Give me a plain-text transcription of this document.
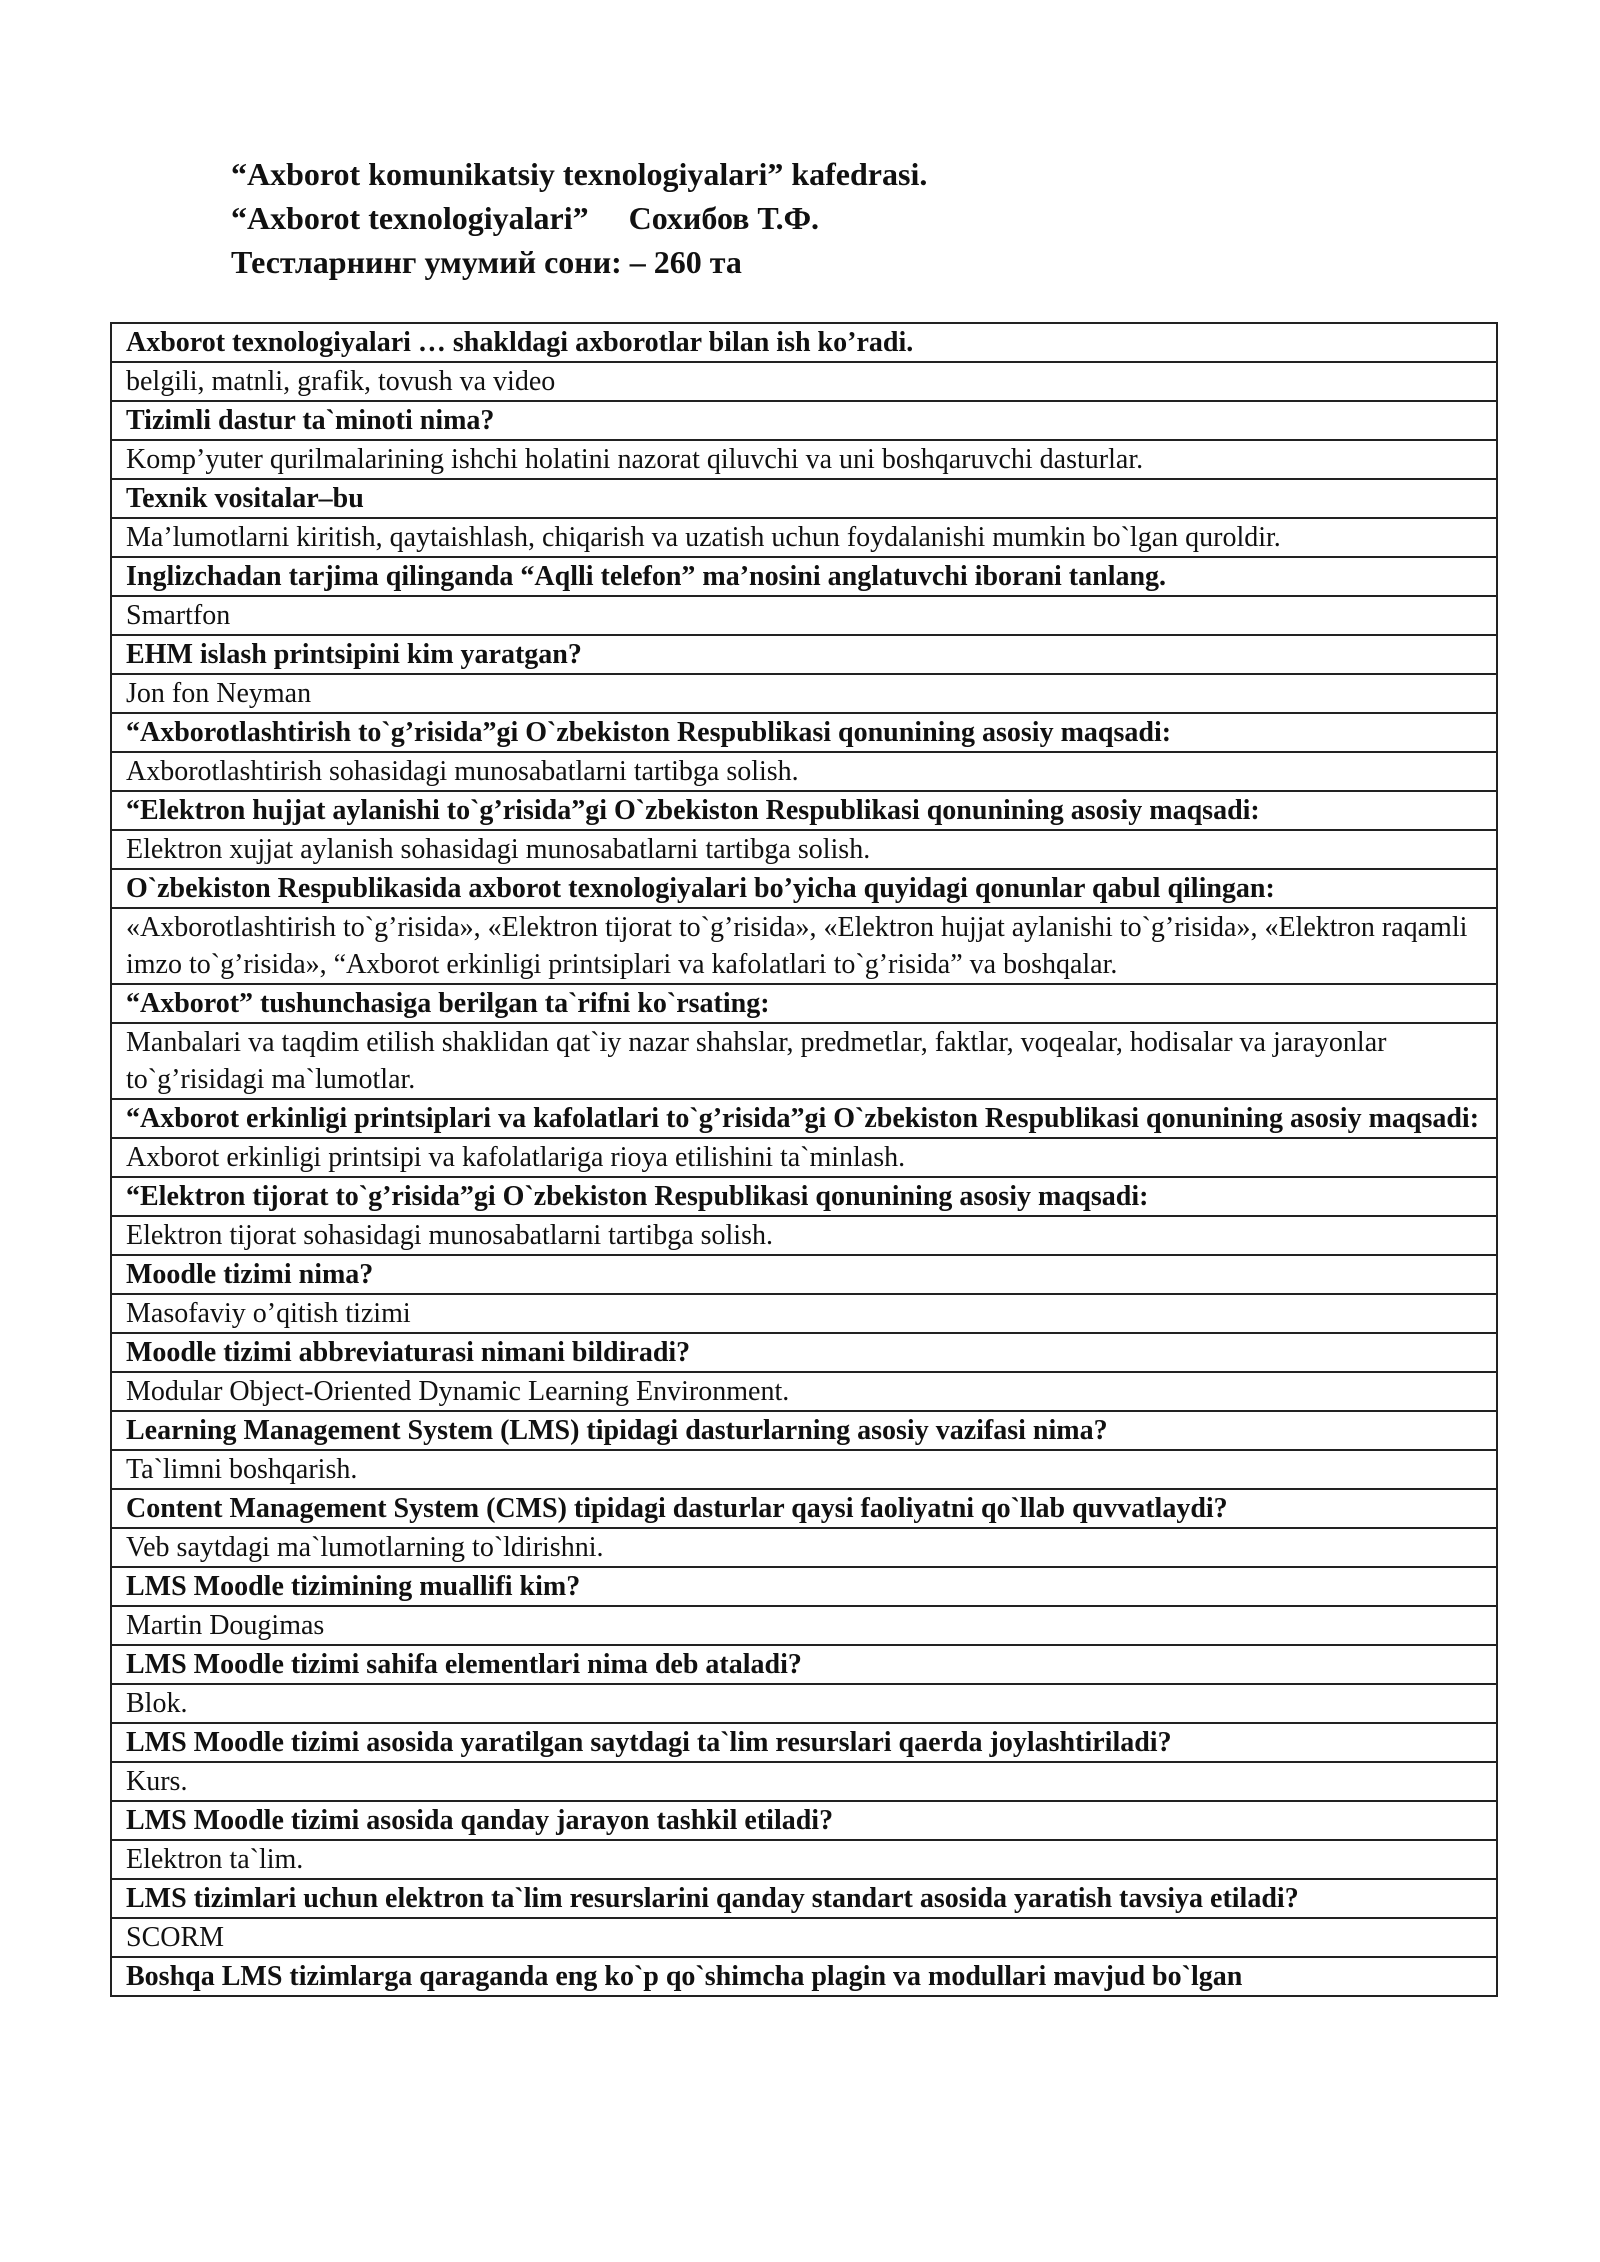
“Axborot komunikatsiy texnologiyalari” kafedrasi.
“Axborot texnologiyalari”     Сохибов Т.Ф.
Тестларнинг умумий сони: – 260 та
Axborot texnologiyalari … shakldagi axborotlar bilan ish ko’radi.
belgili, matnli, grafik, tovush va video
Tizimli dastur ta`minoti nima?
Komp’yuter qurilmalarining ishchi holatini nazorat qiluvchi va uni boshqaruvchi dasturlar.
Texnik vositalar–bu
Ma’lumotlarni kiritish, qaytaishlash, chiqarish va uzatish uchun foydalanishi mumkin bo`lgan quroldir.
Inglizchadan tarjima qilinganda “Aqlli telefon” ma’nosini anglatuvchi iborani tanlang.
Smartfon
EHM islash printsipini kim yaratgan?
Jon fon Neyman
“Axborotlashtirish to`g’risida”gi O`zbekiston Respublikasi qonunining asosiy maqsadi:
Axborotlashtirish sohasidagi munosabatlarni tartibga solish.
“Elektron hujjat aylanishi to`g’risida”gi O`zbekiston Respublikasi qonunining asosiy maqsadi:
Elektron xujjat aylanish sohasidagi munosabatlarni tartibga solish.
O`zbekiston Respublikasida axborot texnologiyalari bo’yicha quyidagi qonunlar qabul qilingan:
«Axborotlashtirish to`g’risida», «Elektron tijorat to`g’risida», «Elektron hujjat aylanishi to`g’risida», «Elektron raqamli imzo to`g’risida», “Axborot erkinligi printsiplari va kafolatlari to`g’risida” va boshqalar.
“Axborot” tushunchasiga berilgan ta`rifni ko`rsating:
Manbalari va taqdim etilish shaklidan qat`iy nazar shahslar, predmetlar, faktlar, voqealar, hodisalar va jarayonlar to`g’risidagi ma`lumotlar.
“Axborot erkinligi printsiplari va kafolatlari to`g’risida”gi O`zbekiston Respublikasi qonunining asosiy maqsadi:
Axborot erkinligi printsipi va kafolatlariga rioya etilishini ta`minlash.
“Elektron tijorat to`g’risida”gi O`zbekiston Respublikasi qonunining asosiy maqsadi:
Elektron tijorat sohasidagi munosabatlarni tartibga solish.
Moodle tizimi nima?
Masofaviy o’qitish tizimi
Moodle tizimi abbreviaturasi nimani bildiradi?
Modular Object-Oriented Dynamic Learning Environment.
Learning Management System (LMS) tipidagi dasturlarning asosiy vazifasi nima?
Ta`limni boshqarish.
Content Management System (CMS) tipidagi dasturlar qaysi faoliyatni qo`llab quvvatlaydi?
Veb saytdagi ma`lumotlarning to`ldirishni.
LMS Moodle tizimining muallifi kim?
Martin Dougimas
LMS Moodle tizimi sahifa elementlari nima deb ataladi?
Blok.
LMS Moodle tizimi asosida yaratilgan saytdagi ta`lim resurslari qaerda joylashtiriladi?
Kurs.
LMS Moodle tizimi asosida qanday jarayon tashkil etiladi?
Elektron ta`lim.
LMS tizimlari uchun elektron ta`lim resurslarini qanday standart asosida yaratish tavsiya etiladi?
SCORM
Boshqa LMS tizimlarga qaraganda eng ko`p qo`shimcha plagin va modullari mavjud bo`lgan
